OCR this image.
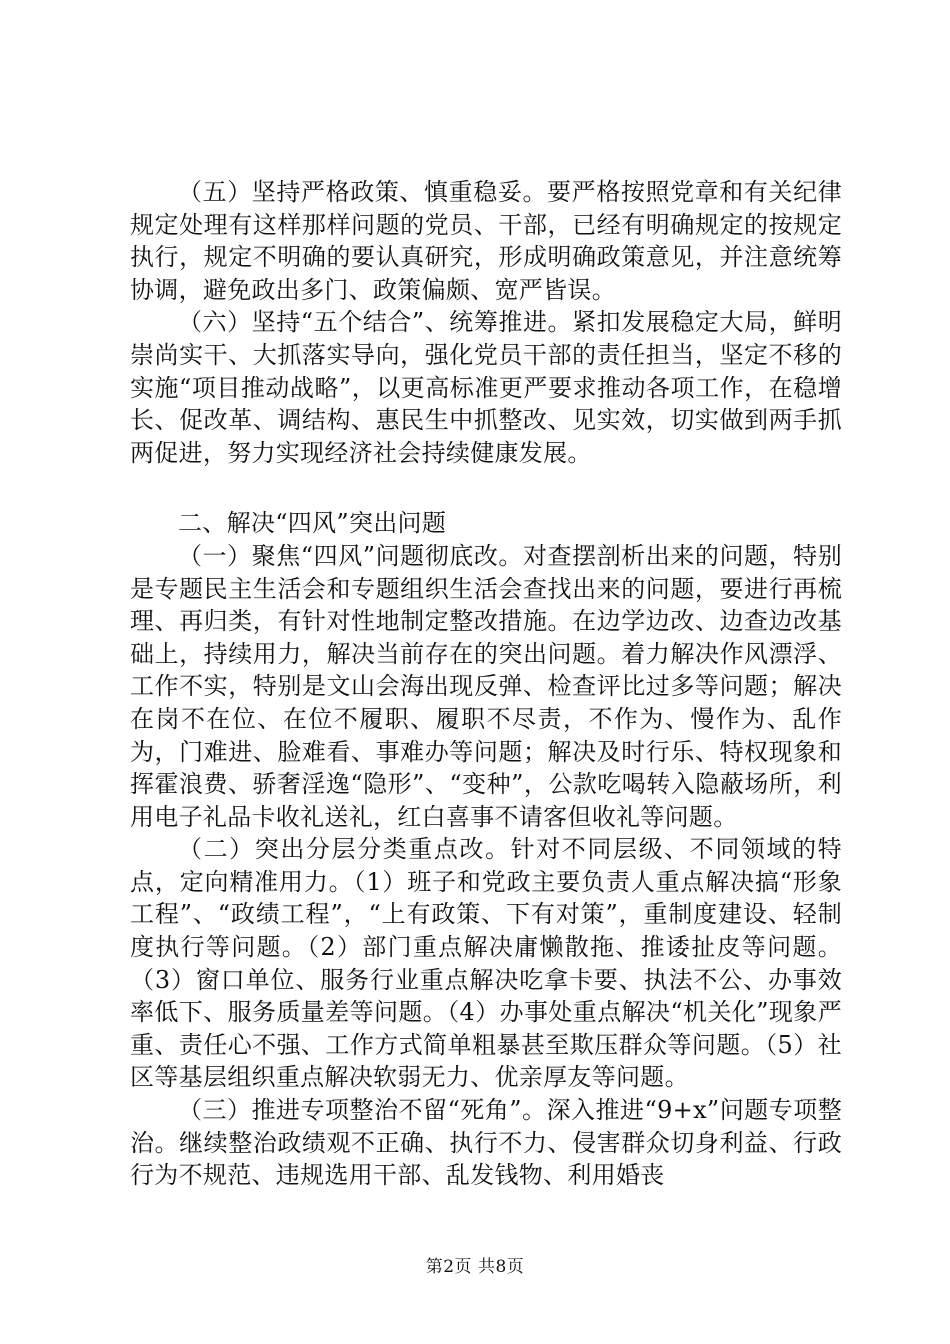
（五）坚持严格政策、慎重稳妥。要严格按照党章和有关纪律规定处理有这样那样问题的党员、干部，已经有明确规定的按规定执行，规定不明确的要认真研究，形成明确政策意见，并注意统筹协调，避免政出多门、政策偏颇、宽严皆误。

（六）坚持“五个结合”、统筹推进。紧扣发展稳定大局，鲜明崇尚实干、大抓落实导向，强化党员干部的责任担当，坚定不移的实施“项目推动战略”，以更高标准更严要求推动各项工作，在稳增长、促改革、调结构、惠民生中抓整改、见实效，切实做到两手抓两促进，努力实现经济社会持续健康发展。

二、解决“四风”突出问题

（一）聚焦“四风”问题彻底改。对查摆剖析出来的问题，特别是专题民主生活会和专题组织生活会查找出来的问题，要进行再梳理、再归类，有针对性地制定整改措施。在边学边改、边查边改基础上，持续用力，解决当前存在的突出问题。着力解决作风漂浮、工作不实，特别是文山会海出现反弹、检查评比过多等问题；解决在岗不在位、在位不履职、履职不尽责，不作为、慢作为、乱作为，门难进、脸难看、事难办等问题；解决及时行乐、特权现象和挥霍浪费、骄奢淫逸“隐形”、“变种”，公款吃喝转入隐蔽场所，利用电子礼品卡收礼送礼，红白喜事不请客但收礼等问题。

（二）突出分层分类重点改。针对不同层级、不同领域的特点，定向精准用力。（1）班子和党政主要负责人重点解决搞“形象工程”、“政绩工程”，“上有政策、下有对策”，重制度建设、轻制度执行等问题。（2）部门重点解决庸懒散拖、推诿扯皮等问题。（3）窗口单位、服务行业重点解决吃拿卡要、执法不公、办事效率低下、服务质量差等问题。（4）办事处重点解决“机关化”现象严重、责任心不强、工作方式简单粗暴甚至欺压群众等问题。（5）社区等基层组织重点解决软弱无力、优亲厚友等问题。

（三）推进专项整治不留“死角”。深入推进“9+x”问题专项整治。继续整治政绩观不正确、执行不力、侵害群众切身利益、行政行为不规范、违规选用干部、乱发钱物、利用婚丧

第2页 共8页
